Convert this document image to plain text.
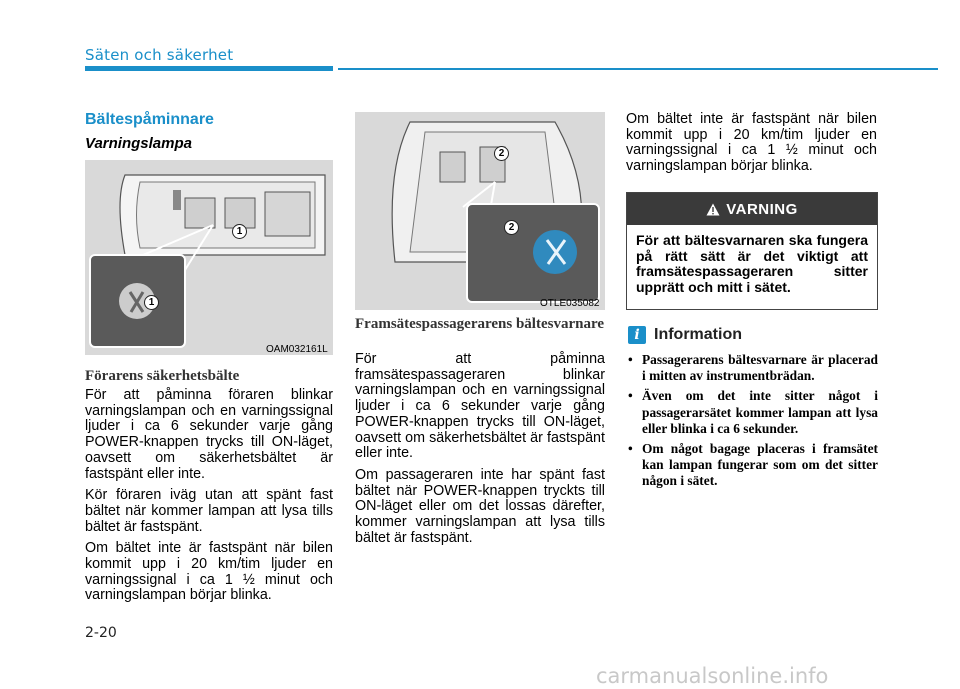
Säten och säkerhet
Bältespåminnare
Varningslampa
1
1
OAM032161L
Förarens säkerhetsbälte

För att påminna föraren blinkar varningslampan och en varningssignal ljuder i ca 6 sekunder varje gång POWER-knappen trycks till ON-läget, oavsett om säkerhetsbältet är fastspänt eller inte.

Kör föraren iväg utan att spänt fast bältet när kommer lampan att lysa tills bältet är fastspänt.

Om bältet inte är fastspänt när bilen kommit upp i 20 km/tim ljuder en varningssignal i ca 1 ½ minut och varningslampan börjar blinka.

2
2
OTLE035082
Framsätespassagerarens bältesvarnare

För att påminna framsätespassageraren blinkar varningslampan och en varningssignal ljuder i ca 6 sekunder varje gång POWER-knappen trycks till ON-läget, oavsett om säkerhetsbältet är fastspänt eller inte.

Om passageraren inte har spänt fast bältet när POWER-knappen tryckts till ON-läget eller om det lossas därefter, kommer varningslampan att lysa tills bältet är fastspänt.

Om bältet inte är fastspänt när bilen kommit upp i 20 km/tim ljuder en varningssignal i ca 1 ½ minut och varningslampan börjar blinka.

VARNING
För att bältesvarnaren ska fungera på rätt sätt är det viktigt att framsätespassageraren sitter upprätt och mitt i sätet.
i Information
• Passagerarens bältesvarnare är placerad i mitten av instrumentbrädan.
• Även om det inte sitter något i passagerarsätet kommer lampan att lysa eller blinka i ca 6 sekunder.
• Om något bagage placeras i framsätet kan lampan fungerar som om det sitter någon i sätet.
2-20
carmanualsonline.info
